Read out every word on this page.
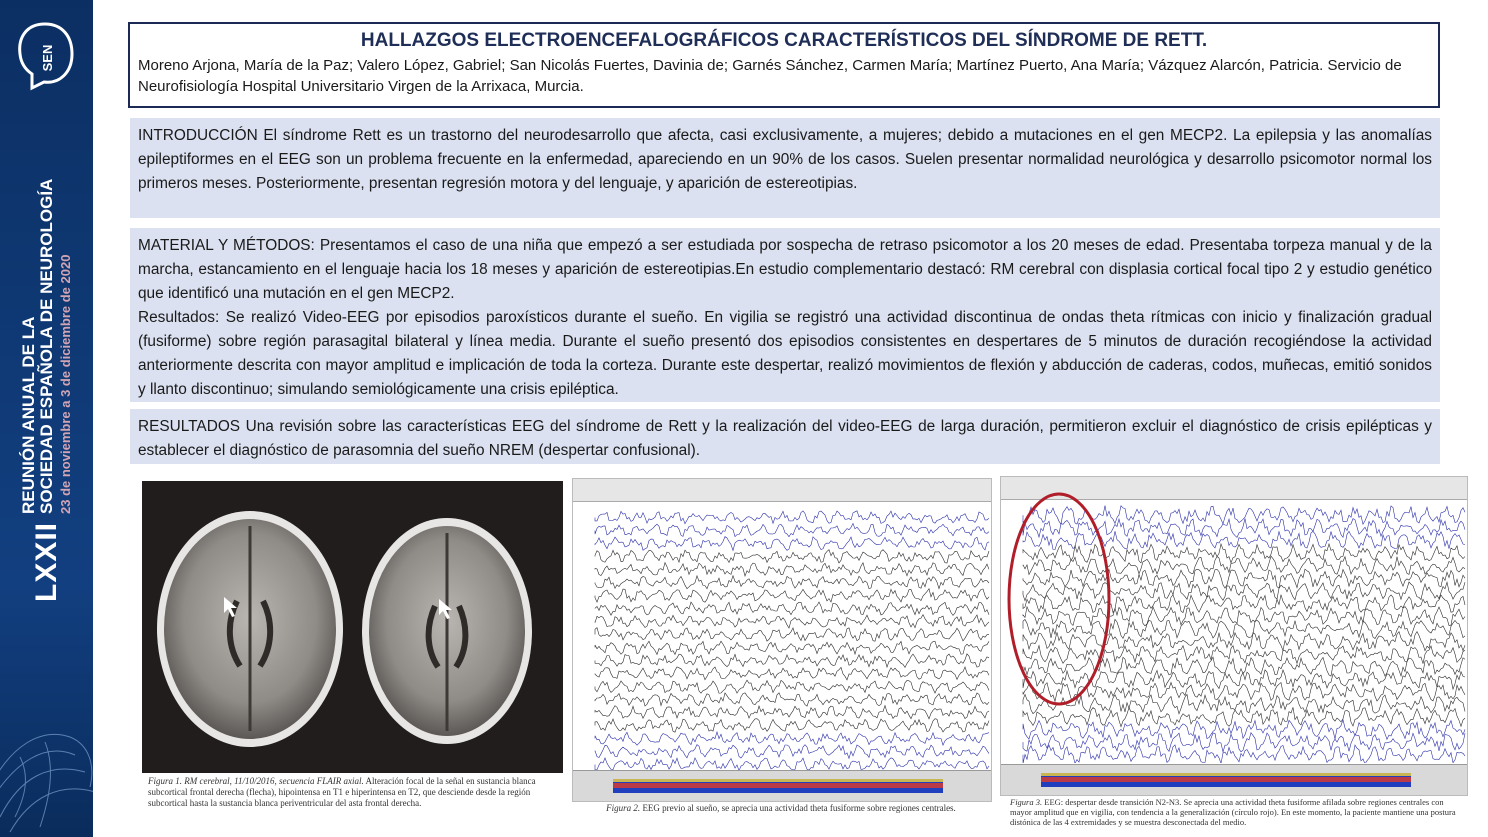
SEN
LXXII
REUNIÓN ANUAL DE LA
SOCIEDAD ESPAÑOLA DE NEUROLOGÍA 23 de noviembre a 3 de diciembre de 2020
HALLAZGOS ELECTROENCEFALOGRÁFICOS CARACTERÍSTICOS DEL SÍNDROME DE RETT.
Moreno Arjona, María de la Paz; Valero López, Gabriel; San Nicolás Fuertes, Davinia de; Garnés Sánchez, Carmen María; Martínez Puerto, Ana María; Vázquez Alarcón, Patricia. Servicio de Neurofisiología Hospital Universitario Virgen de la Arrixaca, Murcia.
INTRODUCCIÓN El síndrome Rett es un trastorno del neurodesarrollo que afecta, casi exclusivamente, a mujeres; debido a mutaciones en el gen MECP2. La epilepsia y las anomalías epileptiformes en el EEG son un problema frecuente en la enfermedad, apareciendo en un 90% de los casos. Suelen presentar normalidad neurológica y desarrollo psicomotor normal los primeros meses. Posteriormente, presentan regresión motora y del lenguaje, y aparición de estereotipias.
MATERIAL Y MÉTODOS: Presentamos el caso de una niña que empezó a ser estudiada por sospecha de retraso psicomotor a los 20 meses de edad. Presentaba torpeza manual y de la marcha, estancamiento en el lenguaje hacia los 18 meses y aparición de estereotipias.En estudio complementario destacó: RM cerebral con displasia cortical focal tipo 2 y estudio genético que identificó una mutación en el gen MECP2.
Resultados: Se realizó Video-EEG por episodios paroxísticos durante el sueño. En vigilia se registró una actividad discontinua de ondas theta rítmicas con inicio y finalización gradual (fusiforme) sobre región parasagital bilateral y línea media. Durante el sueño presentó dos episodios consistentes en despertares de 5 minutos de duración recogiéndose la actividad anteriormente descrita con mayor amplitud e implicación de toda la corteza. Durante este despertar, realizó movimientos de flexión y abducción de caderas, codos, muñecas, emitió sonidos y llanto discontinuo; simulando semiológicamente una crisis epiléptica.
RESULTADOS Una revisión sobre las características EEG del síndrome de Rett y la realización del video-EEG de larga duración, permitieron excluir el diagnóstico de crisis epilépticas y establecer el diagnóstico de parasomnia del sueño NREM (despertar confusional).
Figura 1. RM cerebral, 11/10/2016, secuencia FLAIR axial. Alteración focal de la señal en sustancia blanca subcortical frontal derecha (flecha), hipointensa en T1 e hiperintensa en T2, que desciende desde la región subcortical hasta la sustancia blanca periventricular del asta frontal derecha.	Figura 2. EEG previo al sueño, se aprecia una actividad theta fusiforme sobre regiones centrales.
Figura 3. EEG: despertar desde transición N2-N3. Se aprecia una actividad theta fusiforme afilada sobre regiones centrales con mayor amplitud que en vigilia, con tendencia a la generalización (círculo rojo). En este momento, la paciente mantiene una postura distónica de las 4 extremidades y se muestra desconectada del medio.
